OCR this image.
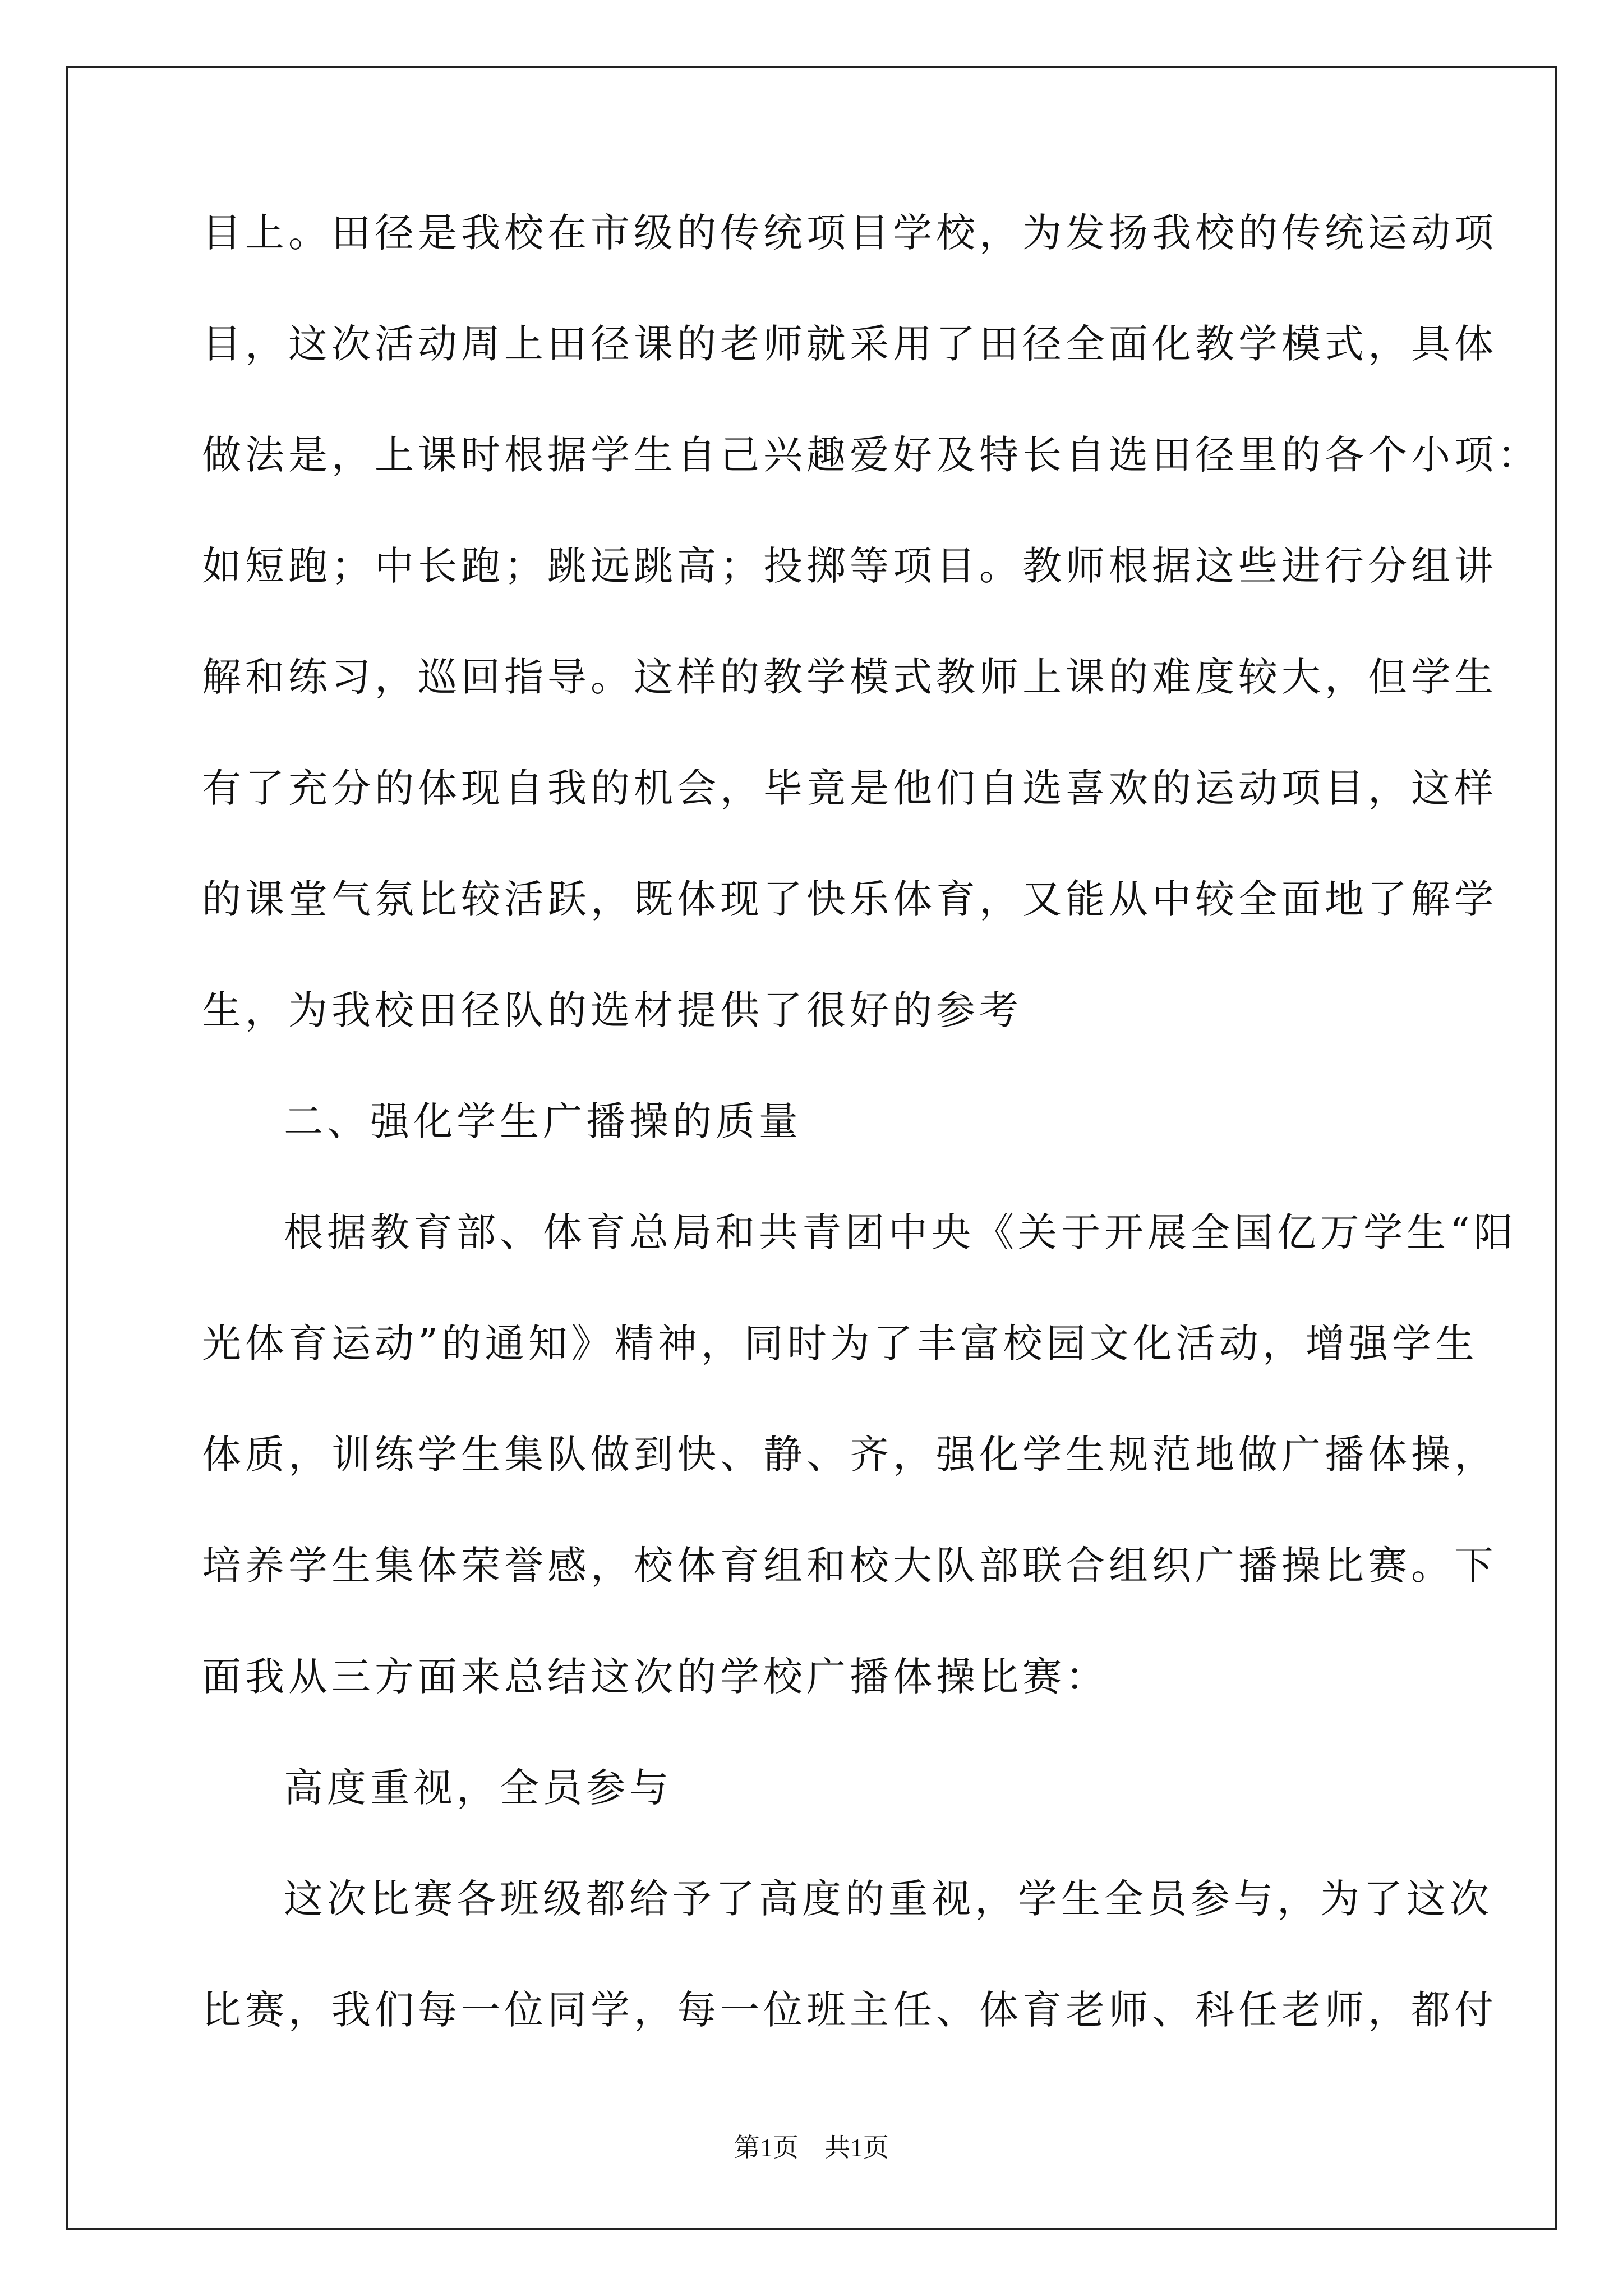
目上。田径是我校在市级的传统项目学校，为发扬我校的传统运动项
目，这次活动周上田径课的老师就采用了田径全面化教学模式，具体
做法是，上课时根据学生自己兴趣爱好及特长自选田径里的各个小项：
如短跑；中长跑；跳远跳高；投掷等项目。教师根据这些进行分组讲
解和练习，巡回指导。这样的教学模式教师上课的难度较大，但学生
有了充分的体现自我的机会，毕竟是他们自选喜欢的运动项目，这样
的课堂气氛比较活跃，既体现了快乐体育，又能从中较全面地了解学
生，为我校田径队的选材提供了很好的参考
二、强化学生广播操的质量
根据教育部、体育总局和共青团中央《关于开展全国亿万学生“阳
光体育运动”的通知》精神，同时为了丰富校园文化活动，增强学生
体质，训练学生集队做到快、静、齐，强化学生规范地做广播体操，
培养学生集体荣誉感，校体育组和校大队部联合组织广播操比赛。下
面我从三方面来总结这次的学校广播体操比赛：
高度重视，全员参与
这次比赛各班级都给予了高度的重视，学生全员参与，为了这次
比赛，我们每一位同学，每一位班主任、体育老师、科任老师，都付
第1页　共1页
